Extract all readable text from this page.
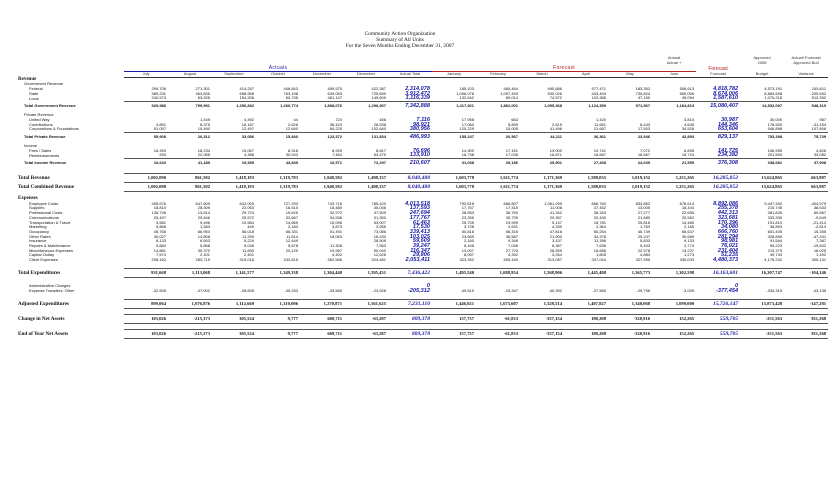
Community Action Organization
Summary of All Units
For the Seven Months Ending December 31, 2007
													Annual		Approved	Actual+Forecast
													Actual +		2008	Approved Bud
	Actuals							Forecast						Forecast		
	July	August	September	October	November	December	Actual Total	January	February	March	April	May	June	Forecast	Budget	Variance
Revenue																
Government Revenue																
Federal	299,706	271,301	414,257	446,843	459,575	422,387	2,314,078	185,103	460,464	490,686	577,471	183,352	506,613	4,818,782	4,573,191	245,611
State	389,231	463,835	658,968	763,198	639,053	725,690	3,912,472	1,096,076	1,097,493	530,026	443,493	730,824	550,006	8,674,006	8,883,698	-209,692
Local	240,573	63,925	154,206	60,735	481,147	149,609	1,116,339	132,642	89,014	74,572	103,385	47,150	45,094	1,587,610	1,075,218	512,392
Total Government Revenue	929,986	799,991	1,256,832	1,260,774	1,808,076	1,296,907	7,342,888	1,417,921	1,862,001	1,095,368	1,124,359	971,967	1,164,813	15,080,407	14,532,097	548,310

Private Revenue																
United Way		1,449	4,392	44	724	456	7,116	17,958	663		1,420		3,810	30,987	30,000	987
Contributions	4,851	8,375	16,167	2,626	36,423	28,538	98,921	17,060	5,899	2,615	11,651	6,443	4,645	144,346	176,500	-31,154
Corporations & Foundations	51,057	10,490	12,497	12,640	84,225	102,840	380,956	120,229	15,005	41,496	21,687	17,503	34,526	653,604	546,898	107,806
Total Private Revenue	55,908	20,312	33,056	15,840	123,372	131,834	486,993	155,247	20,567	44,111	36,361	23,946	42,893	829,137	753,398	75,739

Income																
Fees / Sales	16,393	18,234	15,067	8,318	8,925	8,817	76,696	14,300	17,151	13,000	10,741	7,072	6,835	141,725	106,955	4,826
Reimbursements	250	22,955	4,388	30,533	7,464	63,479	133,910	16,738	17,035	16,871	16,667	16,667	15,724	234,382	201,500	33,082
Total Income Revenue	16,643	41,189	19,395	43,849	16,571	72,297	210,607	31,038	29,186	29,901	27,408	24,639	21,559	376,308	338,681	37,908

Total Revenue	1,002,090	861,502	1,418,193	1,319,783	1,948,582	1,498,337	8,040,488	1,603,778	1,611,774	1,171,369	1,588,035	1,019,152	1,251,265	16,285,852	15,624,865	663,987
Total Combined Revenue	1,002,090	861,502	1,418,193	1,319,783	1,948,582	1,498,337	8,040,488	1,603,778	1,611,774	1,171,369	1,588,035	1,019,152	1,251,265	16,285,852	15,624,865	663,987

Expenses																
Employee Costs	455,676	647,609	642,009	727,293	743,716	785,420	4,013,518	792,616	666,807	1,061,299	856,760	834,852	678,614	8,892,086	9,447,492	-404,579
Supplies	18,810	28,309	22,063	16,510	18,480	35,046	137,593	17,767	17,315	11,008	37,452	13,005	18,444	255,378	215,745	38,633
Professional Costs	136,748	13,614	29,724	19,625	32,972	37,509	247,694	28,553	36,760	41,342	38,343	27,277	22,655	442,313	381,826	60,667
Communications	25,497	29,646	25,572	32,667	34,536	31,350	177,767	23,256	35,739	20,357	20,430	21,680	20,562	323,681	333,330	-9,649
Transportation & Travel	3,581	9,496	10,584	14,669	15,096	53,007	61,463	25,705	19,999	5,147	18,781	25,816	14,480	170,396	191,810	-21,414
Marketing	5,868	1,383	449	2,183	3,873	2,955	17,530	3,728	2,631	4,339	2,364	1,763	2,165	34,080	36,893	-2,813
Occupancy	45,765	66,953	56,018	66,331	51,491	73,086	339,413	50,816	56,316	47,816	60,254	46,749	65,637	666,760	651,405	15,355
Other Rates	30,027	14,808	11,299	11,614	18,063	16,433	103,025	23,669	36,587	21,900	34,376	29,247	30,689	281,294	328,856	-47,431
Insurance	6,133	6,503	5,224	12,449		28,509	59,609	2,160	9,346	3,437	11,396	5,833	9,133	98,981	91,594	7,387
Repairs & Maintenance	3,884	5,868	5,046	5,678	11,308	7,563	39,247	5,446	7,046	8,367	7,636	5,403	2,774	76,021	95,223	-19,602
Miscellaneous Expenses	14,881	35,370	11,830	20,129	19,987	90,040	116,347	13,007	27,720	28,559	16,686	22,978	13,237	231,404	213,379	18,025
Capital Outlay	7,574	2,401	2,401		4,402	12,626	29,806	8,057	4,392	3,264	1,805	4,883	1,273	51,235	49,743	1,492
Client Expenses	208,162	283,719	319,018	432,615	362,596	524,481	2,053,411	323,352	505,440	313,087	337,044	327,995	330,043	4,480,373	4,175,242	305,131

Total Expenditures	931,668	1,113,068	1,141,577	1,349,338	1,304,440	1,595,431	7,436,422	1,495,540	1,688,954	1,568,906	1,445,408	1,365,773	1,302,598	16,163,601	16,207,747	-104,146

Administrative Charges							0							0		
Expense Transfers: Other	-32,605	-37,002	-28,605	-39,333	-33,569	-23,928	-205,312	-49,519	-15,347	-40,392	-37,565	-29,796	-3,009	-377,454	-334,319	-43,135

Adjusted Expenditures	899,064	1,076,876	1,112,669	1,310,006	1,270,871	1,561,625	7,231,110	1,446,021	1,673,607	1,528,514	1,407,827	1,340,068	1,099,000	15,726,147	15,873,428	-147,281

Change in Net Assets	103,026	-215,373	305,524	9,777	669,711	-63,287	809,378	157,757	-61,833	-357,154	180,208	-320,916	152,265	559,705	-251,563	811,268

End of Year Net Assets	103,026	-215,373	305,524	9,777	669,711	-63,287	809,378	157,757	-61,833	-357,154	180,208	-320,916	152,265	559,705	-251,563	811,268
